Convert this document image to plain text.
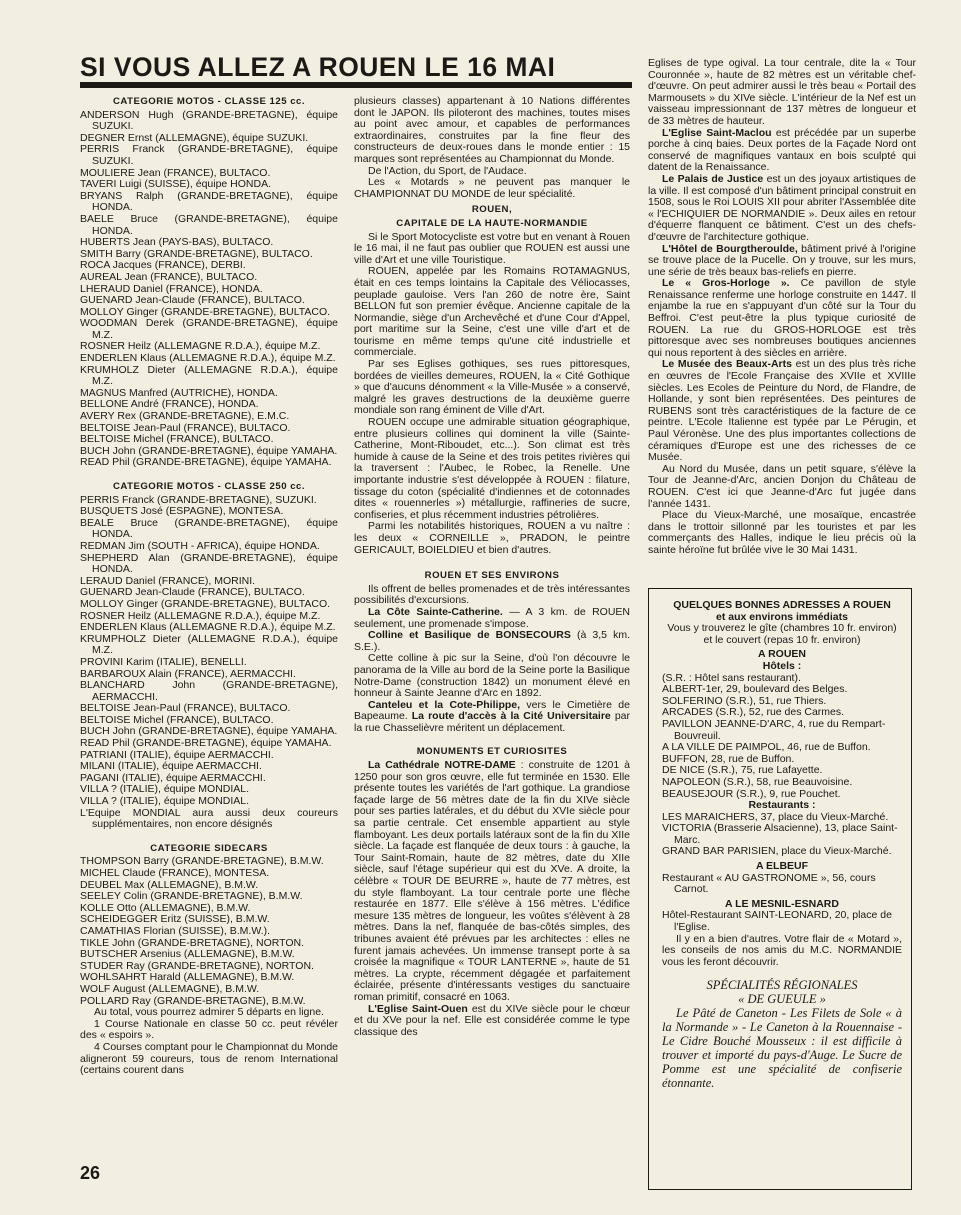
SI VOUS ALLEZ A ROUEN LE 16 MAI
CATEGORIE MOTOS - CLASSE 125 cc.

ANDERSON Hugh (GRANDE-BRETAGNE), équipe SUZUKI.

DEGNER Ernst (ALLEMAGNE), équipe SUZUKI.

PERRIS Franck (GRANDE-BRETAGNE), équipe SUZUKI.

MOULIERE Jean (FRANCE), BULTACO.

TAVERI Luigi (SUISSE), équipe HONDA.

BRYANS Ralph (GRANDE-BRETAGNE), équipe HONDA.

BAELE Bruce (GRANDE-BRETAGNE), équipe HONDA.

HUBERTS Jean (PAYS-BAS), BULTACO.

SMITH Barry (GRANDE-BRETAGNE), BULTACO.

ROCA Jacques (FRANCE), DERBI.

AUREAL Jean (FRANCE), BULTACO.

LHERAUD Daniel (FRANCE), HONDA.

GUENARD Jean-Claude (FRANCE), BULTACO.

MOLLOY Ginger (GRANDE-BRETAGNE), BULTACO.

WOODMAN Derek (GRANDE-BRETAGNE), équipe M.Z.

ROSNER Heilz (ALLEMAGNE R.D.A.), équipe M.Z.

ENDERLEN Klaus (ALLEMAGNE R.D.A.), équipe M.Z.

KRUMHOLZ Dieter (ALLEMAGNE R.D.A.), équipe M.Z.

MAGNUS Manfred (AUTRICHE), HONDA.

BELLONE André (FRANCE), HONDA.

AVERY Rex (GRANDE-BRETAGNE), E.M.C.

BELTOISE Jean-Paul (FRANCE), BULTACO.

BELTOISE Michel (FRANCE), BULTACO.

BUCH John (GRANDE-BRETAGNE), équipe YAMAHA.

READ Phil (GRANDE-BRETAGNE), équipe YAMAHA.

CATEGORIE MOTOS - CLASSE 250 cc.

PERRIS Franck (GRANDE-BRETAGNE), SUZUKI.

BUSQUETS José (ESPAGNE), MONTESA.

BEALE Bruce (GRANDE-BRETAGNE), équipe HONDA.

REDMAN Jim (SOUTH - AFRICA), équipe HONDA.

SHEPHERD Alan (GRANDE-BRETAGNE), équipe HONDA.

LERAUD Daniel (FRANCE), MORINI.

GUENARD Jean-Claude (FRANCE), BULTACO.

MOLLOY Ginger (GRANDE-BRETAGNE), BULTACO.

ROSNER Heilz (ALLEMAGNE R.D.A.), équipe M.Z.

ENDERLEN Klaus (ALLEMAGNE R.D.A.), équipe M.Z.

KRUMPHOLZ Dieter (ALLEMAGNE R.D.A.), équipe M.Z.

PROVINI Karim (ITALIE), BENELLI.

BARBAROUX Alain (FRANCE), AERMACCHI.

BLANCHARD John (GRANDE-BRETAGNE), AERMACCHI.

BELTOISE Jean-Paul (FRANCE), BULTACO.

BELTOISE Michel (FRANCE), BULTACO.

BUCH John (GRANDE-BRETAGNE), équipe YAMAHA.

READ Phil (GRANDE-BRETAGNE), équipe YAMAHA.

PATRIANI (ITALIE), équipe AERMACCHI.

MILANI (ITALIE), équipe AERMACCHI.

PAGANI (ITALIE), équipe AERMACCHI.

VILLA ? (ITALIE), équipe MONDIAL.

VILLA ? (ITALIE), équipe MONDIAL.

L'Equipe MONDIAL aura aussi deux coureurs supplémentaires, non encore désignés

CATEGORIE SIDECARS

THOMPSON Barry (GRANDE-BRETAGNE), B.M.W.

MICHEL Claude (FRANCE), MONTESA.

DEUBEL Max (ALLEMAGNE), B.M.W.

SEELEY Colin (GRANDE-BRETAGNE), B.M.W.

KOLLE Otto (ALLEMAGNE), B.M.W.

SCHEIDEGGER Eritz (SUISSE), B.M.W.

CAMATHIAS Florian (SUISSE), B.M.W.).

TIKLE John (GRANDE-BRETAGNE), NORTON.

BUTSCHER Arsenius (ALLEMAGNE), B.M.W.

STUDER Ray (GRANDE-BRETAGNE), NORTON.

WOHLSAHRT Harald (ALLEMAGNE), B.M.W.

WOLF August (ALLEMAGNE), B.M.W.

POLLARD Ray (GRANDE-BRETAGNE), B.M.W.

Au total, vous pourrez admirer 5 départs en ligne.

1 Course Nationale en classe 50 cc. peut révéler des « espoirs ».

4 Courses comptant pour le Championnat du Monde aligneront 59 coureurs, tous de renom International (certains courent dans

plusieurs classes) appartenant à 10 Nations différentes dont le JAPON. Ils piloteront des machines, toutes mises au point avec amour, et capables de performances extraordinaires, construites par la fine fleur des constructeurs de deux-roues dans le monde entier : 15 marques sont représentées au Championnat du Monde.

De l'Action, du Sport, de l'Audace.

Les « Motards » ne peuvent pas manquer le CHAMPIONNAT DU MONDE de leur spécialité.

ROUEN,
CAPITALE DE LA HAUTE-NORMANDIE

Si le Sport Motocycliste est votre but en venant à Rouen le 16 mai, il ne faut pas oublier que ROUEN est aussi une ville d'Art et une ville Touristique.

ROUEN, appelée par les Romains ROTAMAGNUS, était en ces temps lointains la Capitale des Véliocasses, peuplade gauloise. Vers l'an 260 de notre ère, Saint BELLON fut son premier évêque. Ancienne capitale de la Normandie, siège d'un Archevêché et d'une Cour d'Appel, port maritime sur la Seine, c'est une ville d'art et de tourisme en même temps qu'une cité industrielle et commerciale.

Par ses Eglises gothiques, ses rues pittoresques, bordées de vieilles demeures, ROUEN, la « Cité Gothique » que d'aucuns dénomment « la Ville-Musée » a conservé, malgré les graves destructions de la deuxième guerre mondiale son rang éminent de Ville d'Art.

ROUEN occupe une admirable situation géographique, entre plusieurs collines qui dominent la ville (Sainte-Catherine, Mont-Riboudet, etc...). Son climat est très humide à cause de la Seine et des trois petites rivières qui la traversent : l'Aubec, le Robec, la Renelle. Une importante industrie s'est développée à ROUEN : filature, tissage du coton (spécialité d'indiennes et de cotonnades dites « rouennerles ») métallurgie, raffineries de sucre, confiseries, et plus récemment industries pétrolières.

Parmi les notabilités historiques, ROUEN a vu naître : les deux « CORNEILLE », PRADON, le peintre GERICAULT, BOIELDIEU et bien d'autres.

ROUEN ET SES ENVIRONS

Ils offrent de belles promenades et de très intéressantes possibilités d'excursions.

La Côte Sainte-Catherine. — A 3 km. de ROUEN seulement, une promenade s'impose.

Colline et Basilique de BONSECOURS (à 3,5 km. S.E.).

Cette colline à pic sur la Seine, d'où l'on découvre le panorama de la Ville au bord de la Seine porte la Basilique Notre-Dame (construction 1842) un monument élevé en honneur à Sainte Jeanne d'Arc en 1892.

Canteleu et la Cote-Philippe, vers le Cimetière de Bapeaume. La route d'accès à la Cité Universitaire par la rue Chasselièvre méritent un déplacement.

MONUMENTS ET CURIOSITES

La Cathédrale NOTRE-DAME : construite de 1201 à 1250 pour son gros œuvre, elle fut terminée en 1530. Elle présente toutes les variétés de l'art gothique. La grandiose façade large de 56 mètres date de la fin du XIVe siècle pour ses parties latérales, et du début du XVIe siècle pour sa partie centrale. Cet ensemble appartient au style flamboyant. Les deux portails latéraux sont de la fin du XIIe siècle. La façade est flanquée de deux tours : à gauche, la Tour Saint-Romain, haute de 82 mètres, date du XIIe siècle, sauf l'étage supérieur qui est du XVe. A droite, la célèbre « TOUR DE BEURRE », haute de 77 mètres, est du style flamboyant. La tour centrale porte une flèche restaurée en 1877. Elle s'élève à 156 mètres. L'édifice mesure 135 mètres de longueur, les voûtes s'élèvent à 28 mètres. Dans la nef, flanquée de bas-côtés simples, des tribunes avaient été prévues par les architectes : elles ne furent jamais achevées. Un immense transept porte à sa croisée la magnifique « TOUR LANTERNE », haute de 51 mètres. La crypte, récemment dégagée et parfaitement éclairée, présente d'intéressants vestiges du sanctuaire roman primitif, consacré en 1063.

L'Eglise Saint-Ouen est du XIVe siècle pour le chœur et du XVe pour la nef. Elle est considérée comme le type classique des

Eglises de type ogival. La tour centrale, dite la « Tour Couronnée », haute de 82 mètres est un véritable chef-d'œuvre. On peut admirer aussi le très beau « Portail des Marmousets » du XIVe siècle. L'intérieur de la Nef est un vaisseau impressionnant de 137 mètres de longueur et de 33 mètres de hauteur.

L'Eglise Saint-Maclou est précédée par un superbe porche à cinq baies. Deux portes de la Façade Nord ont conservé de magnifiques vantaux en bois sculpté qui datent de la Renaissance.

Le Palais de Justice est un des joyaux artistiques de la ville. Il est composé d'un bâtiment principal construit en 1508, sous le Roi LOUIS XII pour abriter l'Assemblée dite « l'ECHIQUIER DE NORMANDIE ». Deux ailes en retour d'équerre flanquent ce bâtiment. C'est un des chefs-d'œuvre de l'architecture gothique.

L'Hôtel de Bourgtheroulde, bâtiment privé à l'origine se trouve place de la Pucelle. On y trouve, sur les murs, une série de très beaux bas-reliefs en pierre.

Le « Gros-Horloge ». Ce pavillon de style Renaissance renferme une horloge construite en 1447. Il enjambe la rue en s'appuyant d'un côté sur la Tour du Beffroi. C'est peut-être la plus typique curiosité de ROUEN. La rue du GROS-HORLOGE est très pittoresque avec ses nombreuses boutiques anciennes qui nous reportent à des siècles en arrière.

Le Musée des Beaux-Arts est un des plus très riche en œuvres de l'Ecole Française des XVIIe et XVIIIe siècles. Les Ecoles de Peinture du Nord, de Flandre, de Hollande, y sont bien représentées. Des peintures de RUBENS sont très caractéristiques de la facture de ce peintre. L'Ecole Italienne est typée par Le Pérugin, et Paul Véronèse. Une des plus importantes collections de céramiques d'Europe est une des richesses de ce Musée.

Au Nord du Musée, dans un petit square, s'élève la Tour de Jeanne-d'Arc, ancien Donjon du Château de ROUEN. C'est ici que Jeanne-d'Arc fut jugée dans l'année 1431.

Place du Vieux-Marché, une mosaïque, encastrée dans le trottoir sillonné par les touristes et par les commerçants des Halles, indique le lieu précis où la sainte héroïne fut brûlée vive le 30 Mai 1431.

QUELQUES BONNES ADRESSES A ROUEN
et aux environs immédiats
Vous y trouverez le gîte (chambres 10 fr. environ)
et le couvert (repas 10 fr. environ)
A ROUEN
Hôtels :

(S.R. : Hôtel sans restaurant).

ALBERT-1er, 29, boulevard des Belges.

SOLFERINO (S.R.), 51, rue Thiers.

ARCADES (S.R.), 52, rue des Carmes.

PAVILLON JEANNE-D'ARC, 4, rue du Rempart-Bouvreuil.

A LA VILLE DE PAIMPOL, 46, rue de Buffon.

BUFFON, 28, rue de Buffon.

DE NICE (S.R.), 75, rue Lafayette.

NAPOLEON (S.R.), 58, rue Beauvoisine.

BEAUSEJOUR (S.R.), 9, rue Pouchet.

Restaurants :

LES MARAICHERS, 37, place du Vieux-Marché.

VICTORIA (Brasserie Alsacienne), 13, place Saint-Marc.

GRAND BAR PARISIEN, place du Vieux-Marché.

A ELBEUF

Restaurant « AU GASTRONOME », 56, cours Carnot.

A LE MESNIL-ESNARD

Hôtel-Restaurant SAINT-LEONARD, 20, place de l'Eglise.

Il y en a bien d'autres. Votre flair de « Motard », les conseils de nos amis du M.C. NORMANDIE vous les feront découvrir.

SPÉCIALITÉS RÉGIONALES
« DE GUEULE »

Le Pâté de Caneton - Les Filets de Sole « à la Normande » - Le Caneton à la Rouennaise - Le Cidre Bouché Mousseux : il est difficile à trouver et importé du pays-d'Auge. Le Sucre de Pomme est une spécialité de confiserie étonnante.

26
